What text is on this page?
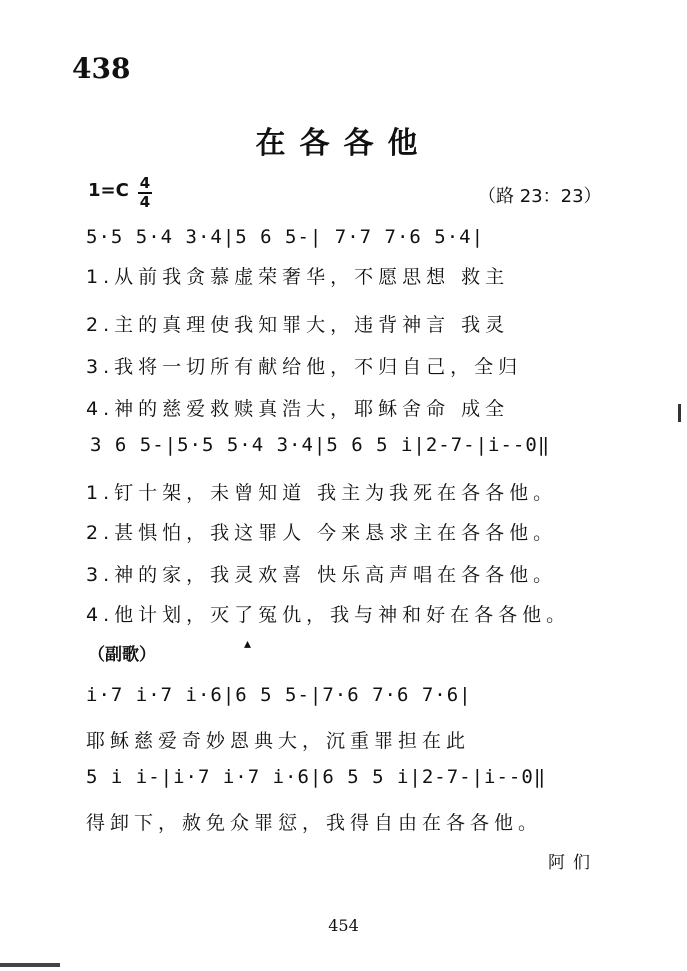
438
在各各他
1=C 4
4	（路 23：23）
5·5 5·4 3·4|5 6 5-| 7·7 7·6 5·4|
1.从前我贪慕虚荣奢华，不愿思想 救主
2.主的真理使我知罪大，违背神言 我灵
3.我将一切所有献给他，不归自己，全归
4.神的慈爱救赎真浩大，耶稣舍命 成全
3 6 5-|5·5 5·4 3·4|5 6 5 i|2-7-|i--0‖
1.钉十架，未曾知道 我主为我死在各各他。
2.甚惧怕，我这罪人 今来恳求主在各各他。
3.神的家，我灵欢喜 快乐高声唱在各各他。
4.他计划，灭了冤仇，我与神和好在各各他。
（副歌）
i·7 i·7 i·6|6 5 5-|7·6 7·6 7·6|
耶稣慈爱奇妙恩典大，沉重罪担在此
5 i i-|i·7 i·7 i·6|6 5 5 i|2-7-|i--0‖
得卸下，赦免众罪愆，我得自由在各各他。
阿们
454
▴
